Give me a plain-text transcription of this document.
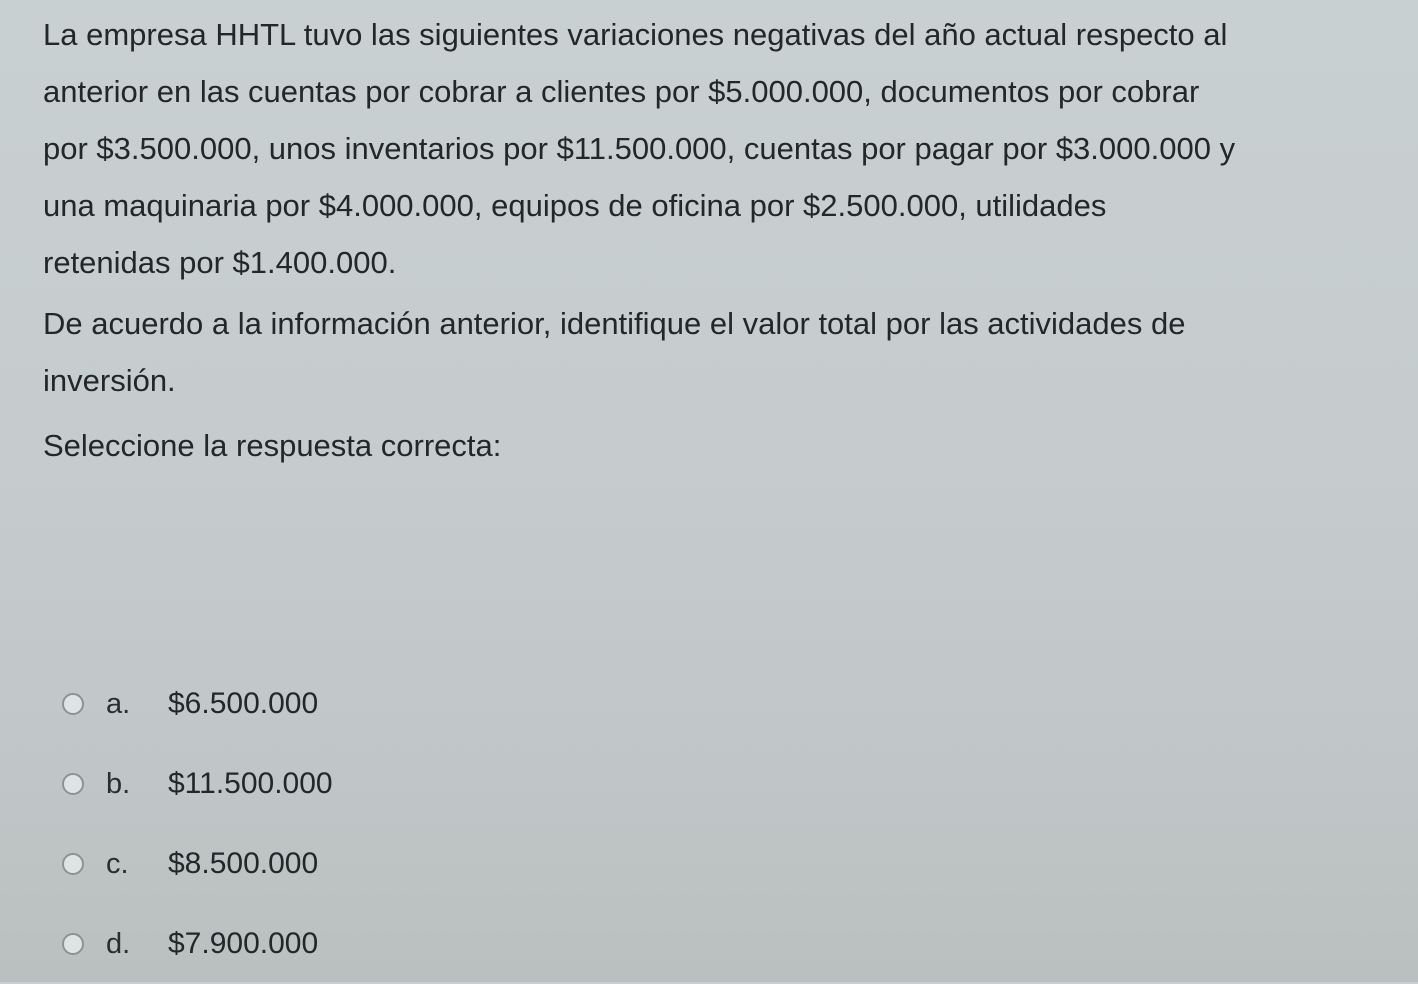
La empresa HHTL tuvo las siguientes variaciones negativas del año actual respecto al

anterior en las cuentas por cobrar a clientes por $5.000.000, documentos por cobrar

por $3.500.000, unos inventarios por $11.500.000, cuentas por pagar por $3.000.000 y

una maquinaria por $4.000.000, equipos de oficina por $2.500.000, utilidades

retenidas por $1.400.000.

De acuerdo a la información anterior, identifique el valor total por las actividades de

inversión.

Seleccione la respuesta correcta:

a.	$6.500.000
b.	$11.500.000
c.	$8.500.000
d.	$7.900.000
